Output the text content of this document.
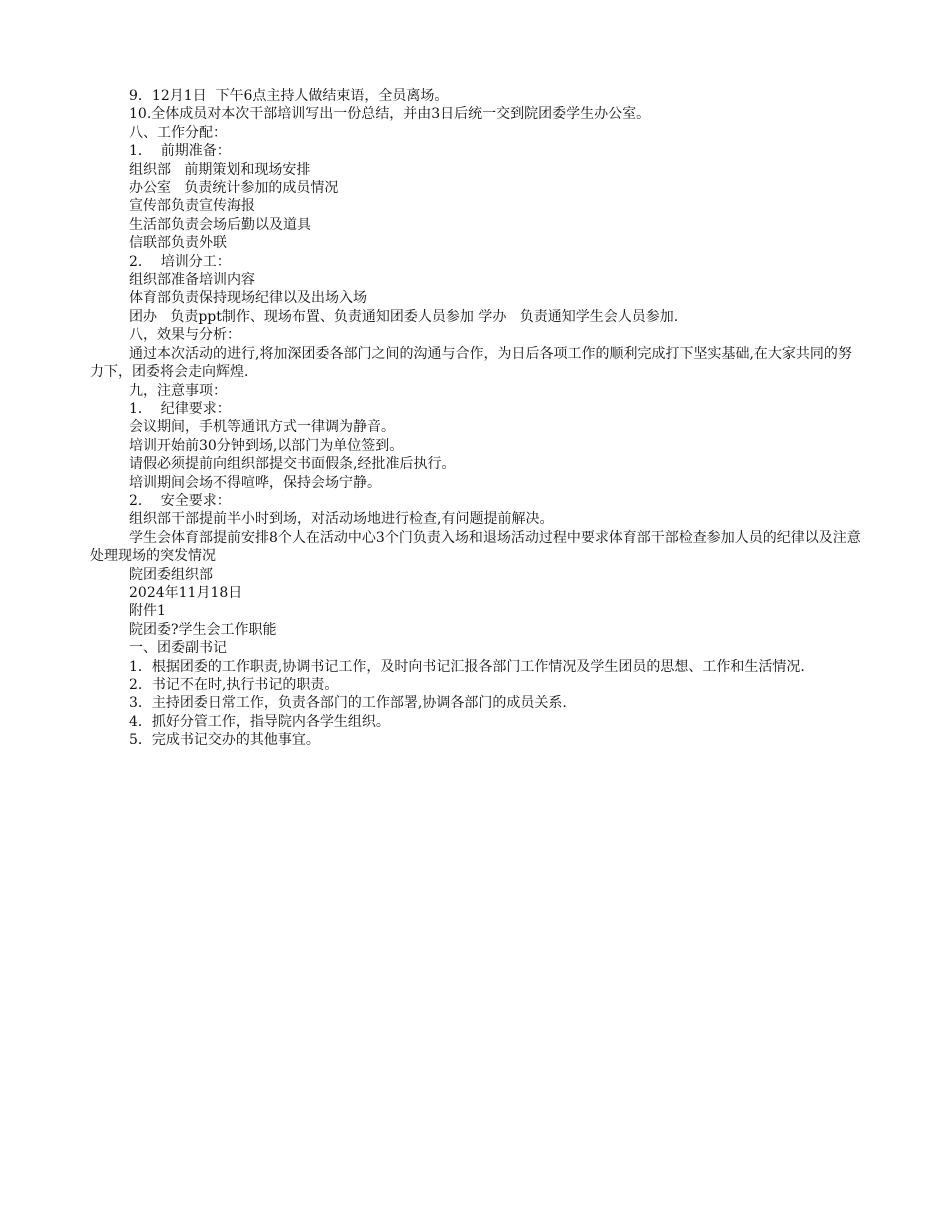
9．12月1日  下午6点主持人做结束语，全员离场。

10.全体成员对本次干部培训写出一份总结，并由3日后统一交到院团委学生办公室。

八、工作分配：

1．  前期准备：

组织部   前期策划和现场安排

办公室   负责统计参加的成员情况

宣传部负责宣传海报

生活部负责会场后勤以及道具

信联部负责外联

2．  培训分工：

组织部准备培训内容

体育部负责保持现场纪律以及出场入场

团办   负责ppt制作、现场布置、负责通知团委人员参加 学办   负责通知学生会人员参加.

八，效果与分析：

通过本次活动的进行,将加深团委各部门之间的沟通与合作，为日后各项工作的顺利完成打下坚实基础,在大家共同的努力下，团委将会走向辉煌.

九，注意事项：

1．  纪律要求：

会议期间，手机等通讯方式一律调为静音。

培训开始前30分钟到场,以部门为单位签到。

请假必须提前向组织部提交书面假条,经批准后执行。

培训期间会场不得喧哗，保持会场宁静。

2．  安全要求：

组织部干部提前半小时到场，对活动场地进行检查,有问题提前解决。

学生会体育部提前安排8个人在活动中心3个门负责入场和退场活动过程中要求体育部干部检查参加人员的纪律以及注意处理现场的突发情况

院团委组织部

2024年11月18日

附件1

院团委?学生会工作职能

一、团委副书记

1．根据团委的工作职责,协调书记工作，及时向书记汇报各部门工作情况及学生团员的思想、工作和生活情况.

2．书记不在时,执行书记的职责。

3．主持团委日常工作，负责各部门的工作部署,协调各部门的成员关系.

4．抓好分管工作，指导院内各学生组织。

5．完成书记交办的其他事宜。
